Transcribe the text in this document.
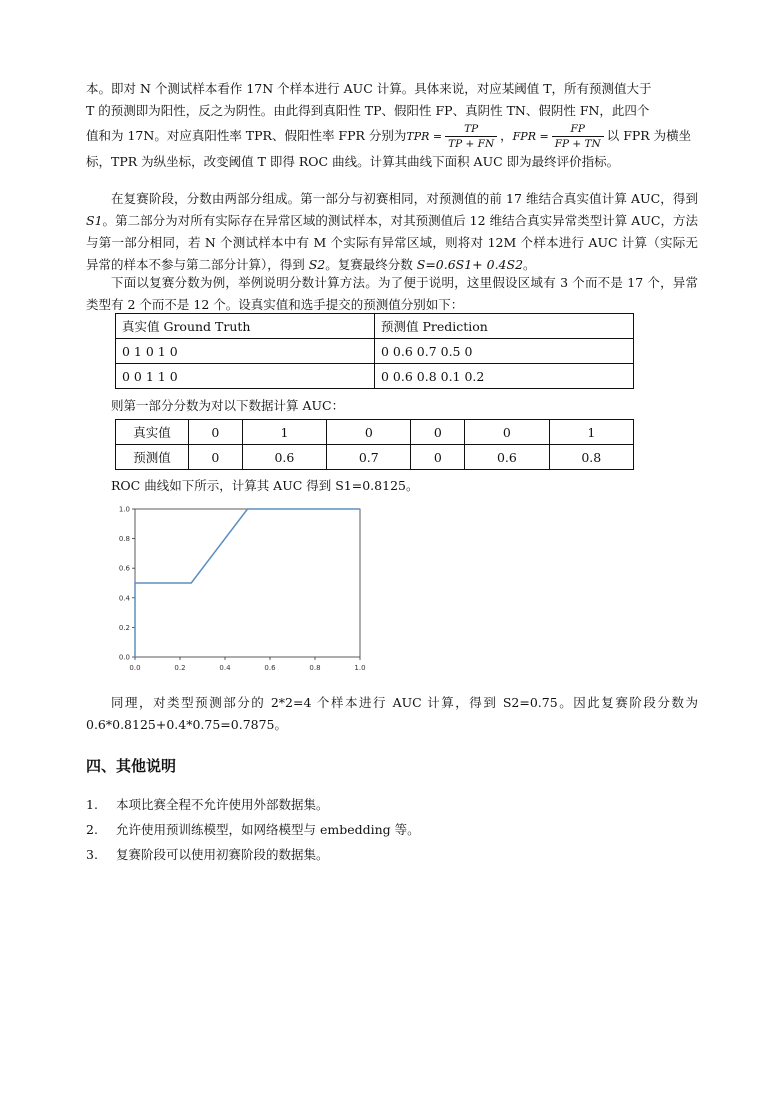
本。即对 N 个测试样本看作 17N 个样本进行 AUC 计算。具体来说，对应某阈值 T，所有预测值大于
T 的预测即为阳性，反之为阴性。由此得到真阳性 TP、假阳性 FP、真阴性 TN、假阴性 FN，此四个
值和为 17N。对应真阳性率 TPR、假阳性率 FPR 分别为TPR = $\frac{TP}{TP + FN}$ ，FPR = $\frac{FP}{FP + TN}$ 以 FPR 为横坐
标，TPR 为纵坐标，改变阈值 T 即得 ROC 曲线。计算其曲线下面积 AUC 即为最终评价指标。

在复赛阶段，分数由两部分组成。第一部分与初赛相同，对预测值的前 17 维结合真实值计算 AUC，得到 S1。第二部分为对所有实际存在异常区域的测试样本，对其预测值后 12 维结合真实异常类型计算 AUC，方法与第一部分相同，若 N 个测试样本中有 M 个实际有异常区域，则将对 12M 个样本进行 AUC 计算（实际无异常的样本不参与第二部分计算），得到 S2。复赛最终分数 S=0.6S1+ 0.4S2。

下面以复赛分数为例，举例说明分数计算方法。为了便于说明，这里假设区域有 3 个而不是 17 个，异常类型有 2 个而不是 12 个。设真实值和选手提交的预测值分别如下：

真实值 Ground Truth	预测值 Prediction
0 1 0 1 0	0 0.6 0.7 0.5 0
0 0 1 1 0	0 0.6 0.8 0.1 0.2

则第一部分分数为对以下数据计算 AUC：

真实值	0	1	0	0	0	1
预测值	0	0.6	0.7	0	0.6	0.8

ROC 曲线如下所示，计算其 AUC 得到 S1=0.8125。

0.0	0.2	0.4	0.6	0.8	1.0
0.0
0.2
0.4
0.6
0.8
1.0

同理，对类型预测部分的 2*2=4 个样本进行 AUC 计算，得到 S2=0.75。因此复赛阶段分数为 0.6*0.8125+0.4*0.75=0.7875。

四、其他说明
1.	本项比赛全程不允许使用外部数据集。
2.	允许使用预训练模型，如网络模型与 embedding 等。
3.	复赛阶段可以使用初赛阶段的数据集。
